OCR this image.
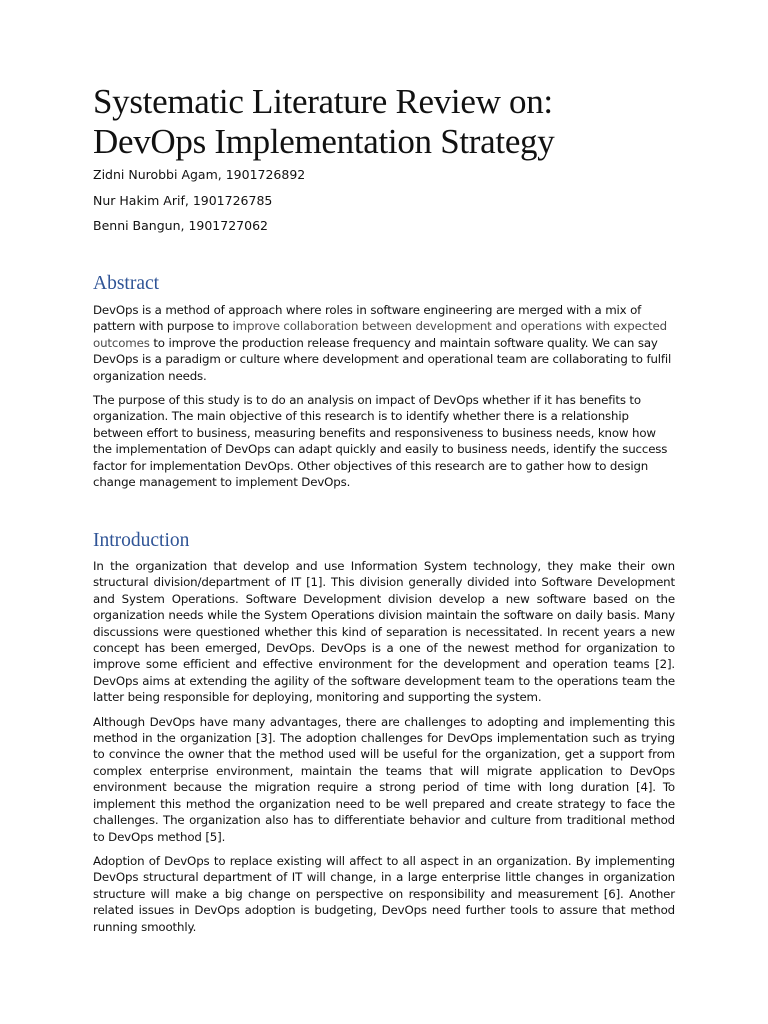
Systematic Literature Review on:
DevOps Implementation Strategy

Zidni Nurobbi Agam, 1901726892

Nur Hakim Arif, 1901726785

Benni Bangun, 1901727062

Abstract

DevOps is a method of approach where roles in software engineering are merged with a mix of pattern with purpose to improve collaboration between development and operations with expected outcomes to improve the production release frequency and maintain software quality. We can say DevOps is a paradigm or culture where development and operational team are collaborating to fulfil organization needs.

The purpose of this study is to do an analysis on impact of DevOps whether if it has benefits to organization. The main objective of this research is to identify whether there is a relationship between effort to business, measuring benefits and responsiveness to business needs, know how the implementation of DevOps can adapt quickly and easily to business needs, identify the success factor for implementation DevOps. Other objectives of this research are to gather how to design change management to implement DevOps.

Introduction

In the organization that develop and use Information System technology, they make their own structural division/department of IT [1]. This division generally divided into Software Development and System Operations. Software Development division develop a new software based on the organization needs while the System Operations division maintain the software on daily basis. Many discussions were questioned whether this kind of separation is necessitated. In recent years a new concept has been emerged, DevOps. DevOps is a one of the newest method for organization to improve some efficient and effective environment for the development and operation teams [2]. DevOps aims at extending the agility of the software development team to the operations team the latter being responsible for deploying, monitoring and supporting the system.

Although DevOps have many advantages, there are challenges to adopting and implementing this method in the organization [3]. The adoption challenges for DevOps implementation such as trying to convince the owner that the method used will be useful for the organization, get a support from complex enterprise environment, maintain the teams that will migrate application to DevOps environment because the migration require a strong period of time with long duration [4]. To implement this method the organization need to be well prepared and create strategy to face the challenges. The organization also has to differentiate behavior and culture from traditional method to DevOps method [5].

Adoption of DevOps to replace existing will affect to all aspect in an organization. By implementing DevOps structural department of IT will change, in a large enterprise little changes in organization structure will make a big change on perspective on responsibility and measurement [6]. Another related issues in DevOps adoption is budgeting, DevOps need further tools to assure that method running smoothly.
